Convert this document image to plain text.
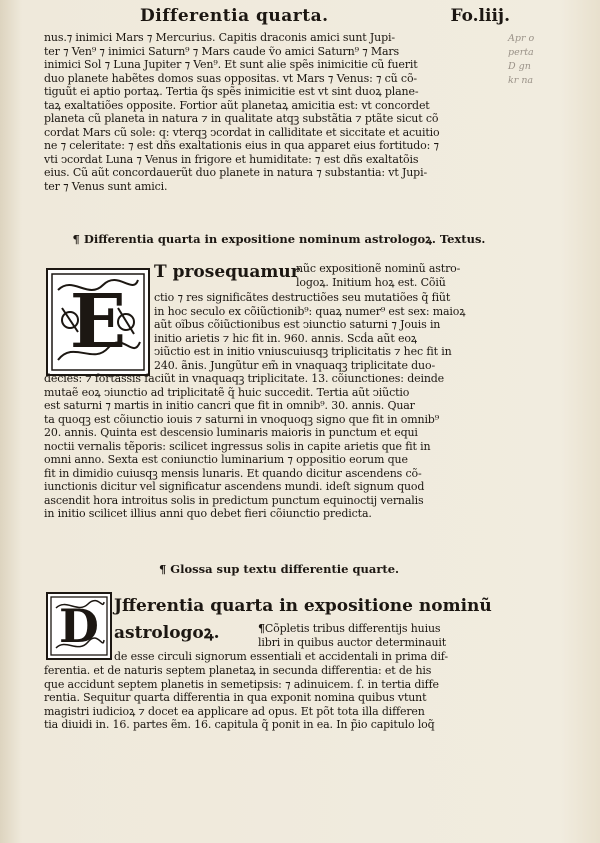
Differentia quarta.	Fo.liij.
Apr o
perta
D gn
kr na
nus.⁊ inimici Mars ⁊ Mercurius. Capitis draconis amici sunt Jupi-
ter ⁊ Ven⁹ ⁊ inimici Saturn⁹ ⁊ Mars caude ṽo amici Saturn⁹ ⁊ Mars
inimici Sol ⁊ Luna Jupiter ⁊ Ven⁹. Et sunt alie spẽs inimicitie cũ fuerit
duo planete habẽtes domos suas oppositas. vt Mars ⁊ Venus: ⁊ cũ cõ-
tiguũt ei aptio portaꝝ. Tertia q̃s spẽs inimicitie est vt sint duoꝝ plane-
taꝝ exaltatiões opposite. Fortior aũt planetaꝝ amicitia est: vt concordet
planeta cũ planeta in natura ⁊ in qualitate atqꝫ substãtia ⁊ ptãte sicut cõ
cordat Mars cũ sole: q: vterqꝫ ↄcordat in calliditate et siccitate et acuitio
ne ⁊ celeritate: ⁊ est dñs exaltationis eius in qua apparet eius fortitudo: ⁊
vti ↄcordat Luna ⁊ Venus in frigore et humiditate: ⁊ est dñs exaltatõis
eius. Cũ aũt concordauerũt duo planete in natura ⁊ substantia: vt Jupi-
ter ⁊ Venus sunt amici.
¶ Differentia quarta in expositione nominum astrologoꝝ. Textus.
E
T prosequamur
nũc expositionẽ nominũ astro-
logoꝝ. Initium hoꝝ est. Cõiũ
ctio ⁊ res significãtes destructiões seu mutatiões q̃ fiũt
in hoc seculo ex cõiũctionib⁹: quaꝝ numer⁹ est sex: maioꝝ
aũt oĩbus cõiũctionibus est ↄiunctio saturni ⁊ Jouis in
initio arietis ⁊ hic fit in. 960. annis. Scḋa aũt eoꝝ
ↄiũctio est in initio vniuscuiusqꝫ triplicitatis ⁊ hec fit in
240. ãnis. Jungũtur em̃ in vnaquaqꝫ triplicitate duo-
decies: ⁊ fortassis faciũt in vnaquaqꝫ triplicitate. 13. cõiunctiones: deinde
mutaẽ eoꝝ ↄiunctio ad triplicitatẽ q̃ huic succedit. Tertia aũt ↄiũctio
est saturni ⁊ martis in initio cancri que fit in omnib⁹. 30. annis. Quar
ta quoqꝫ est cõiunctio iouis ⁊ saturni in vnoquoqꝫ signo que fit in omnib⁹
20. annis. Quinta est descensio luminaris maioris in punctum et equi
noctii vernalis tẽporis: scilicet ingressus solis in capite arietis que fit in
omni anno. Sexta est coniunctio luminarium ⁊ oppositio eorum que
fit in dimidio cuiusqꝫ mensis lunaris. Et quando dicitur ascendens cõ-
iunctionis dicitur vel significatur ascendens mundi. ideſt signum quod
ascendit hora introitus solis in predictum punctum equinoctij vernalis
in initio scilicet illius anni quo debet fieri cõiunctio predicta.
¶ Glossa sup textu differentie quarte.
D Jfferentia quarta in expositione nominũ
astrologoꝝ.	¶Cõpletis tribus differentijs huius
libri in quibus auctor determinauit
de esse circuli signorum essentiali et accidentali in prima dif-
ferentia. et de naturis septem planetaꝝ in secunda differentia: et de his
que accidunt septem planetis in semetipsis: ⁊ adinuicem. ſ. in tertia diffe
rentia. Sequitur quarta differentia in qua exponit nomina quibus vtunt
magistri iudicioꝝ ⁊ docet ea applicare ad opus. Et põt tota illa differen
tia diuidi in. 16. partes ẽm. 16. capitula q̃ ponit in ea. In p̃io capitulo loq̃
